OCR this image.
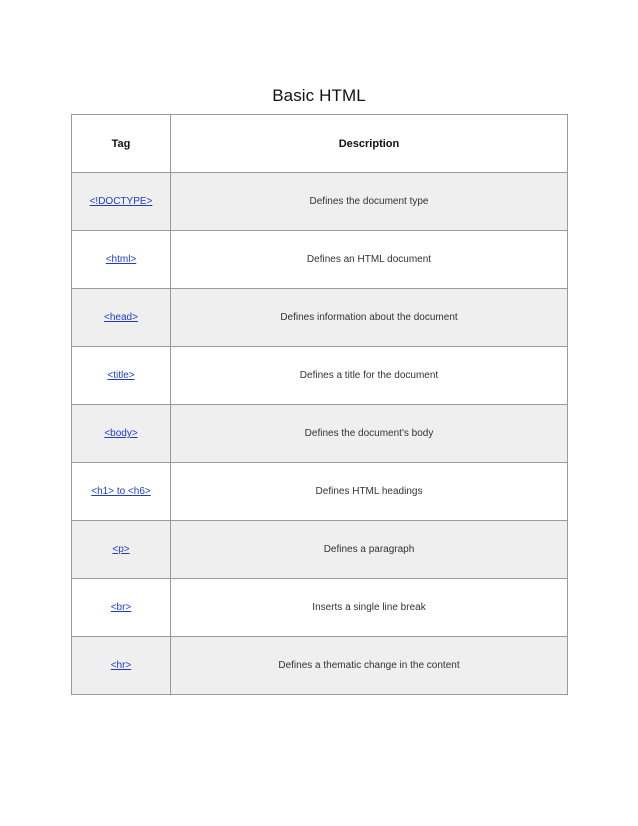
Basic HTML
Tag	Description
<!DOCTYPE>	Defines the document type
<html>	Defines an HTML document
<head>	Defines information about the document
<title>	Defines a title for the document
<body>	Defines the document's body
<h1> to <h6>	Defines HTML headings
<p>	Defines a paragraph
<br>	Inserts a single line break
<hr>	Defines a thematic change in the content
